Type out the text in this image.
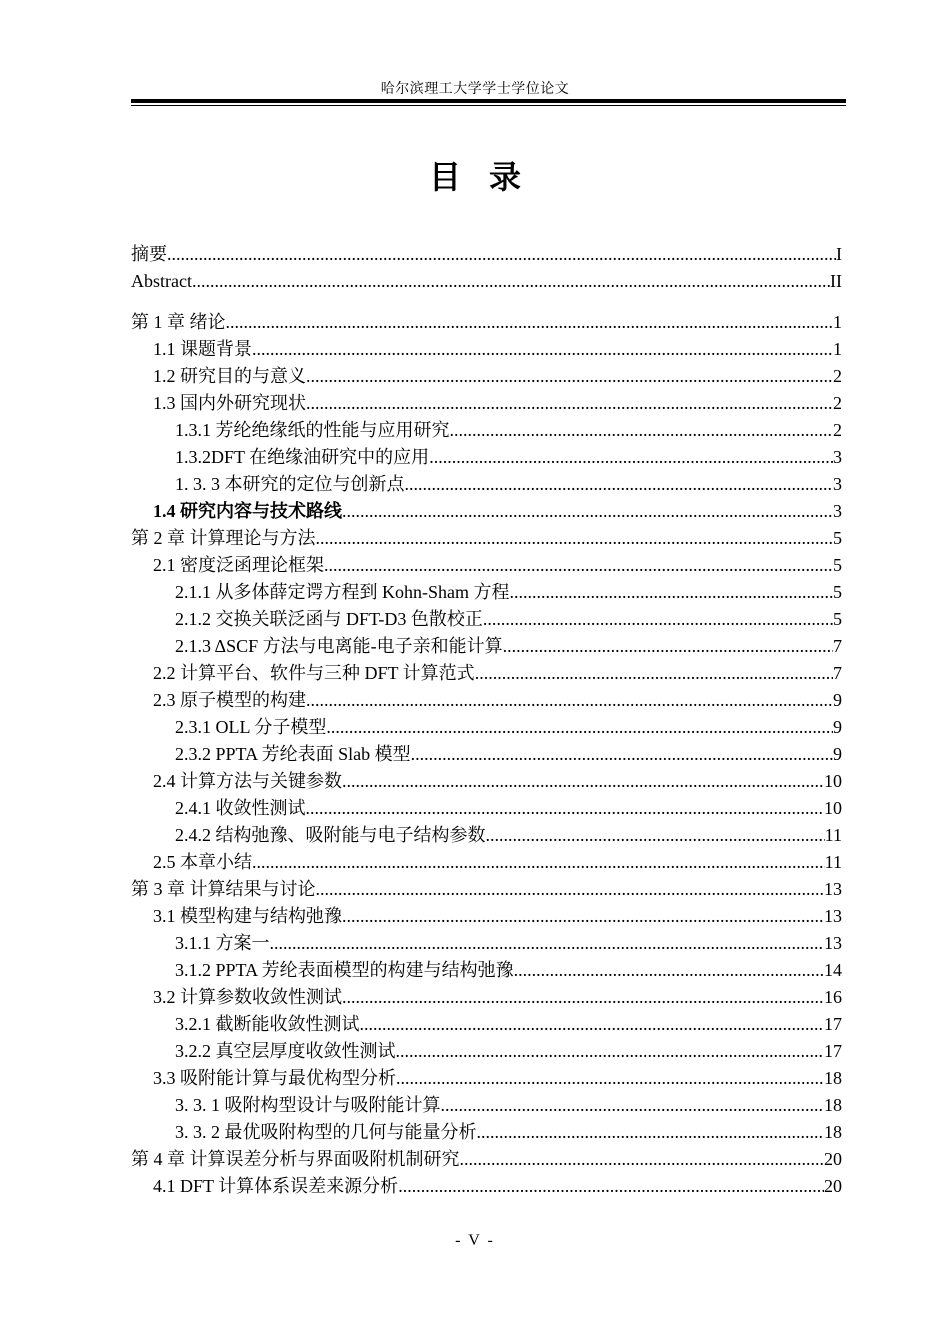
哈尔滨理工大学学士学位论文
目录
摘要 .....	I
Abstract .....	II
第 1 章 绪论 .....	1
1.1 课题背景 .....	1
1.2 研究目的与意义 .....	2
1.3 国内外研究现状 .....	2
1.3.1 芳纶绝缘纸的性能与应用研究 .....	2
1.3.2DFT 在绝缘油研究中的应用 .....	3
1. 3. 3 本研究的定位与创新点 .....	3
1.4 研究内容与技术路线 .....	3
第 2 章 计算理论与方法 .....	5
2.1 密度泛函理论框架 .....	5
2.1.1 从多体薛定谔方程到 Kohn-Sham 方程 .....	5
2.1.2 交换关联泛函与 DFT-D3 色散校正 .....	5
2.1.3 ΔSCF 方法与电离能-电子亲和能计算 .....	7
2.2 计算平台、软件与三种 DFT 计算范式 .....	7
2.3 原子模型的构建 .....	9
2.3.1 OLL 分子模型 .....	9
2.3.2 PPTA 芳纶表面 Slab 模型 .....	9
2.4 计算方法与关键参数 .....	10
2.4.1 收敛性测试 .....	10
2.4.2 结构弛豫、吸附能与电子结构参数 .....	11
2.5 本章小结 .....	11
第 3 章 计算结果与讨论 .....	13
3.1 模型构建与结构弛豫 .....	13
3.1.1 方案一 .....	13
3.1.2 PPTA 芳纶表面模型的构建与结构弛豫 .....	14
3.2 计算参数收敛性测试 .....	16
3.2.1 截断能收敛性测试 .....	17
3.2.2 真空层厚度收敛性测试 .....	17
3.3 吸附能计算与最优构型分析 .....	18
3. 3. 1 吸附构型设计与吸附能计算 .....	18
3. 3. 2 最优吸附构型的几何与能量分析 .....	18
第 4 章 计算误差分析与界面吸附机制研究 .....	20
4.1 DFT 计算体系误差来源分析 .....	20
- V -
